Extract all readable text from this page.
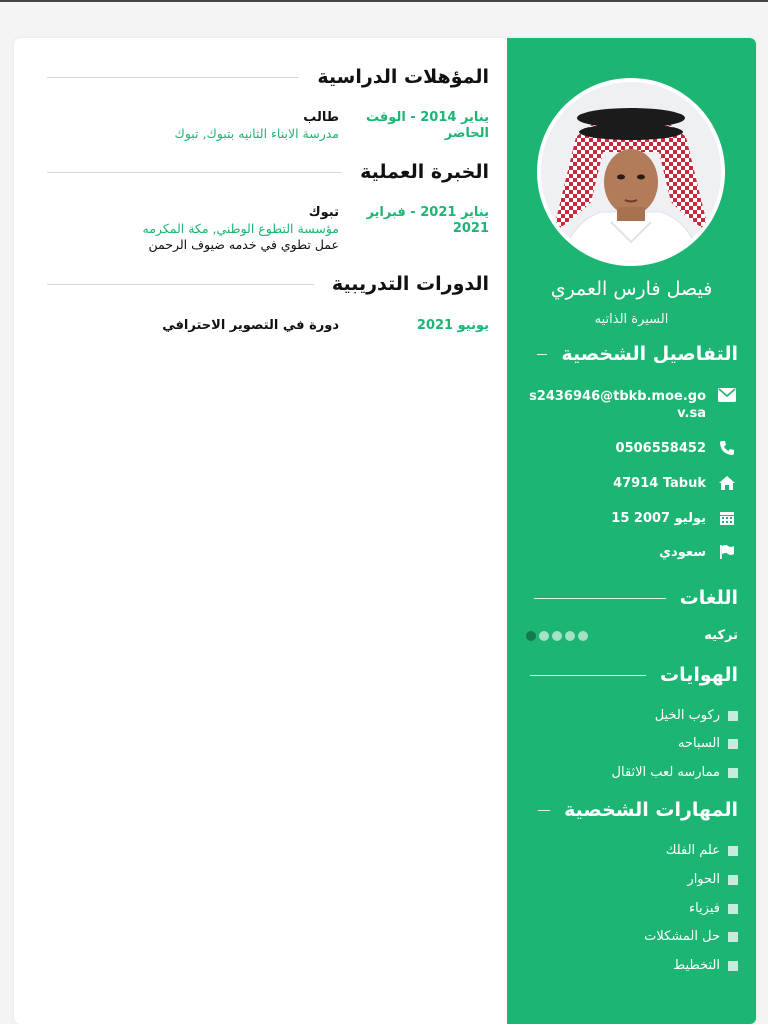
فيصل فارس العمري
السيرة الذاتيه
التفاصيل الشخصية
s2436946@tbkb.moe.gov.sa
0506558452
47914 Tabuk
15 يوليو 2007
سعودي
اللغات
تركيه
الهوايات
ركوب الخيل
السباحه
ممارسه لعب الاثقال
المهارات الشخصية
علم الفلك
الحوار
فيزياء
حل المشكلات
التخطيط
المؤهلات الدراسية
يناير 2014 - الوقت الحاضر
طالب
مدرسة الابناء الثانيه بتبوك, تبوك
الخبرة العملية
يناير 2021 - فبراير 2021
تبوك
مؤسسة التطوع الوطني, مكة المكرمه
عمل تطوي في خدمه ضيوف الرحمن
الدورات التدريبية
يونيو 2021
دورة في التصوير الاحترافي
